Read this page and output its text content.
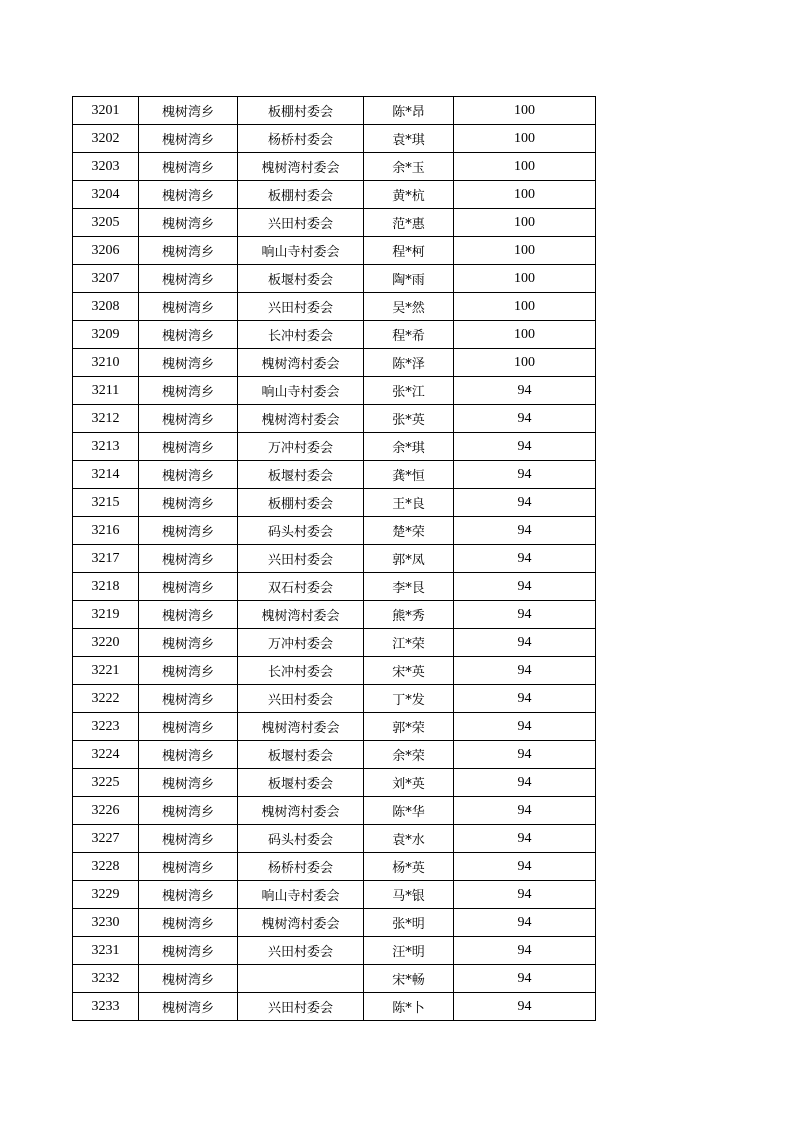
3201	槐树湾乡	板棚村委会	陈*昂	100
3202	槐树湾乡	杨桥村委会	袁*琪	100
3203	槐树湾乡	槐树湾村委会	余*玉	100
3204	槐树湾乡	板棚村委会	黄*杭	100
3205	槐树湾乡	兴田村委会	范*惠	100
3206	槐树湾乡	响山寺村委会	程*柯	100
3207	槐树湾乡	板堰村委会	陶*雨	100
3208	槐树湾乡	兴田村委会	吴*然	100
3209	槐树湾乡	长冲村委会	程*希	100
3210	槐树湾乡	槐树湾村委会	陈*泽	100
3211	槐树湾乡	响山寺村委会	张*江	94
3212	槐树湾乡	槐树湾村委会	张*英	94
3213	槐树湾乡	万冲村委会	余*琪	94
3214	槐树湾乡	板堰村委会	龚*恒	94
3215	槐树湾乡	板棚村委会	王*良	94
3216	槐树湾乡	码头村委会	楚*荣	94
3217	槐树湾乡	兴田村委会	郭*凤	94
3218	槐树湾乡	双石村委会	李*艮	94
3219	槐树湾乡	槐树湾村委会	熊*秀	94
3220	槐树湾乡	万冲村委会	江*荣	94
3221	槐树湾乡	长冲村委会	宋*英	94
3222	槐树湾乡	兴田村委会	丁*发	94
3223	槐树湾乡	槐树湾村委会	郭*荣	94
3224	槐树湾乡	板堰村委会	余*荣	94
3225	槐树湾乡	板堰村委会	刘*英	94
3226	槐树湾乡	槐树湾村委会	陈*华	94
3227	槐树湾乡	码头村委会	袁*水	94
3228	槐树湾乡	杨桥村委会	杨*英	94
3229	槐树湾乡	响山寺村委会	马*银	94
3230	槐树湾乡	槐树湾村委会	张*明	94
3231	槐树湾乡	兴田村委会	汪*明	94
3232	槐树湾乡		宋*畅	94
3233	槐树湾乡	兴田村委会	陈*卜	94
